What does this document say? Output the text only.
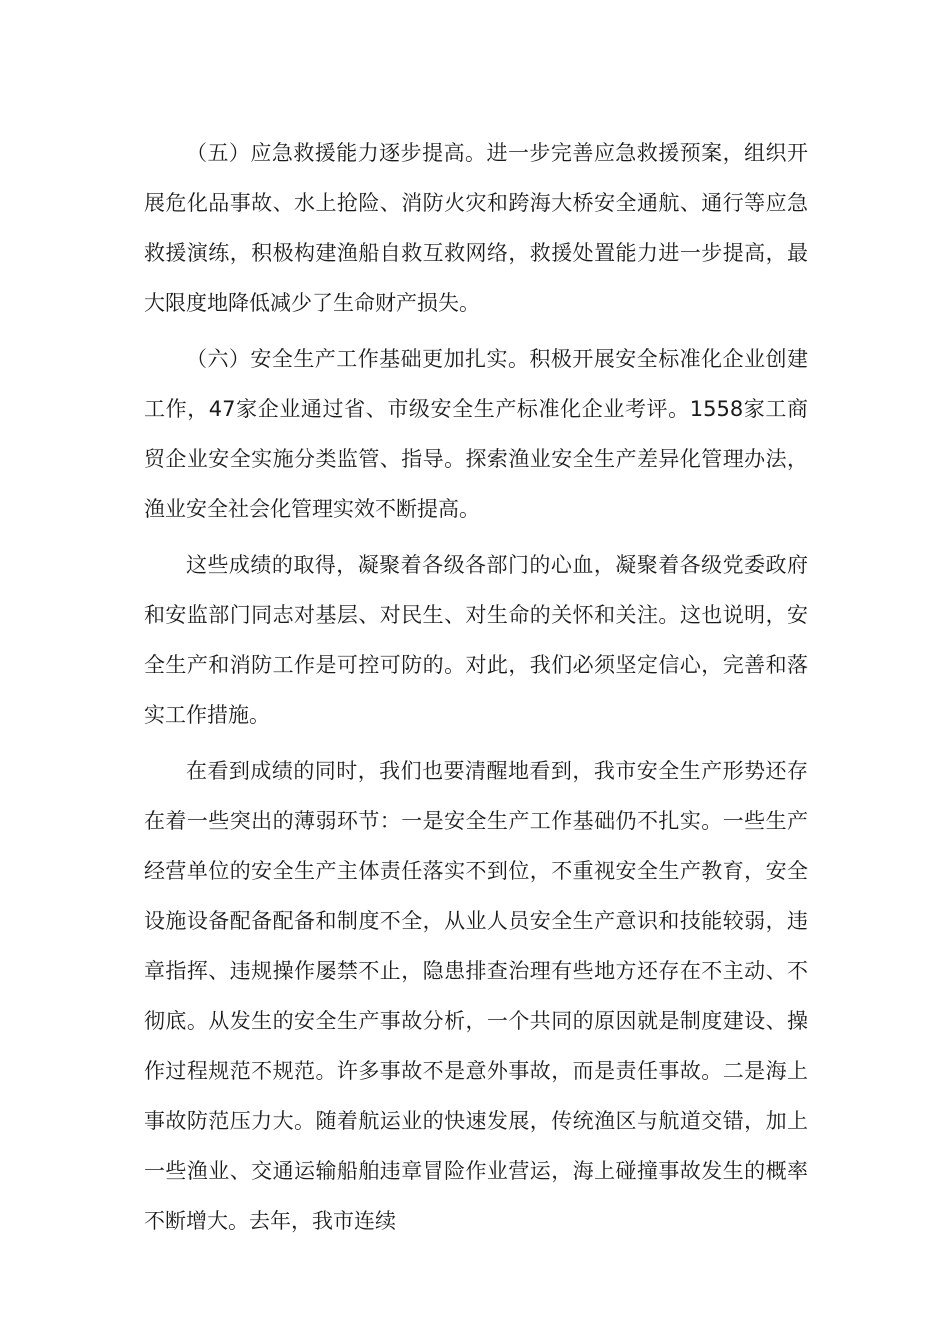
（五）应急救援能力逐步提高。进一步完善应急救援预案，组织开展危化品事故、水上抢险、消防火灾和跨海大桥安全通航、通行等应急救援演练，积极构建渔船自救互救网络，救援处置能力进一步提高，最大限度地降低减少了生命财产损失。

（六）安全生产工作基础更加扎实。积极开展安全标准化企业创建工作，47家企业通过省、市级安全生产标准化企业考评。1558家工商贸企业安全实施分类监管、指导。探索渔业安全生产差异化管理办法，渔业安全社会化管理实效不断提高。

这些成绩的取得，凝聚着各级各部门的心血，凝聚着各级党委政府和安监部门同志对基层、对民生、对生命的关怀和关注。这也说明，安全生产和消防工作是可控可防的。对此，我们必须坚定信心，完善和落实工作措施。

在看到成绩的同时，我们也要清醒地看到，我市安全生产形势还存在着一些突出的薄弱环节：一是安全生产工作基础仍不扎实。一些生产经营单位的安全生产主体责任落实不到位，不重视安全生产教育，安全设施设备配备配备和制度不全，从业人员安全生产意识和技能较弱，违章指挥、违规操作屡禁不止，隐患排查治理有些地方还存在不主动、不彻底。从发生的安全生产事故分析，一个共同的原因就是制度建设、操作过程规范不规范。许多事故不是意外事故，而是责任事故。二是海上事故防范压力大。随着航运业的快速发展，传统渔区与航道交错，加上一些渔业、交通运输船舶违章冒险作业营运，海上碰撞事故发生的概率不断增大。去年，我市连续
